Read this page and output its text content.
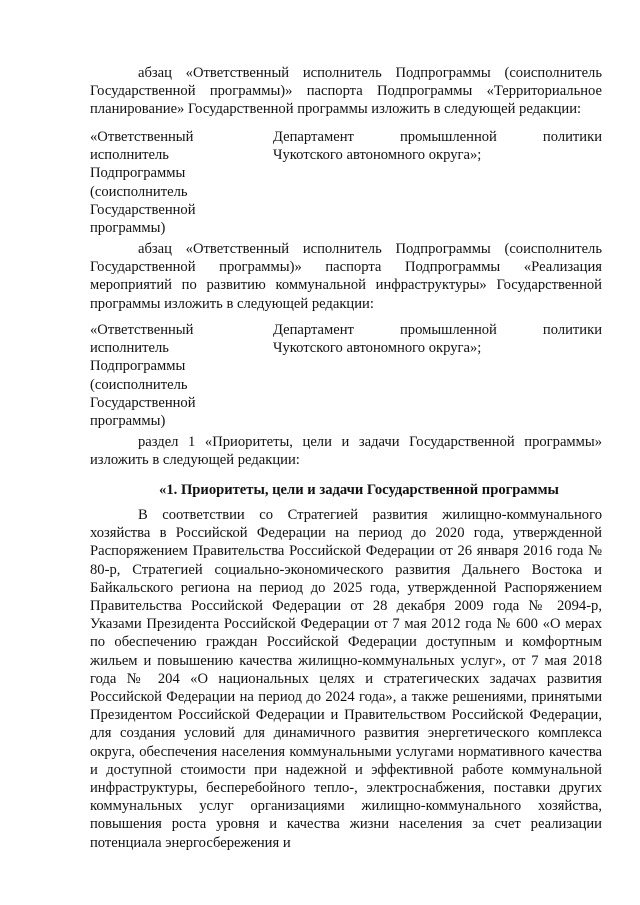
абзац «Ответственный исполнитель Подпрограммы (соисполнитель Государственной программы)» паспорта Подпрограммы «Территориальное планирование» Государственной программы изложить в следующей редакции:

«Ответственный
исполнитель
Подпрограммы
(соисполнитель
Государственной
программы)
Департамент промышленной политики
Чукотского автономного округа»;

абзац «Ответственный исполнитель Подпрограммы (соисполнитель Государственной программы)» паспорта Подпрограммы «Реализация мероприятий по развитию коммунальной инфраструктуры» Государственной программы изложить в следующей редакции:

«Ответственный
исполнитель
Подпрограммы
(соисполнитель
Государственной
программы)
Департамент промышленной политики
Чукотского автономного округа»;

раздел 1 «Приоритеты, цели и задачи Государственной программы» изложить в следующей редакции:

«1. Приоритеты, цели и задачи Государственной программы

В соответствии со Стратегией развития жилищно-коммунального хозяйства в Российской Федерации на период до 2020 года, утвержденной Распоряжением Правительства Российской Федерации от 26 января 2016 года № 80-р, Стратегией социально-экономического развития Дальнего Востока и Байкальского региона на период до 2025 года, утвержденной Распоряжением Правительства Российской Федерации от 28 декабря 2009 года № 2094-р, Указами Президента Российской Федерации от 7 мая 2012 года № 600 «О мерах по обеспечению граждан Российской Федерации доступным и комфортным жильем и повышению качества жилищно-коммунальных услуг», от 7 мая 2018 года № 204 «О национальных целях и стратегических задачах развития Российской Федерации на период до 2024 года», а также решениями, принятыми Президентом Российской Федерации и Правительством Российской Федерации, для создания условий для динамичного развития энергетического комплекса округа, обеспечения населения коммунальными услугами нормативного качества и доступной стоимости при надежной и эффективной работе коммунальной инфраструктуры, бесперебойного тепло-, электроснабжения, поставки других коммунальных услуг организациями жилищно-коммунального хозяйства, повышения роста уровня и качества жизни населения за счет реализации потенциала энергосбережения и
